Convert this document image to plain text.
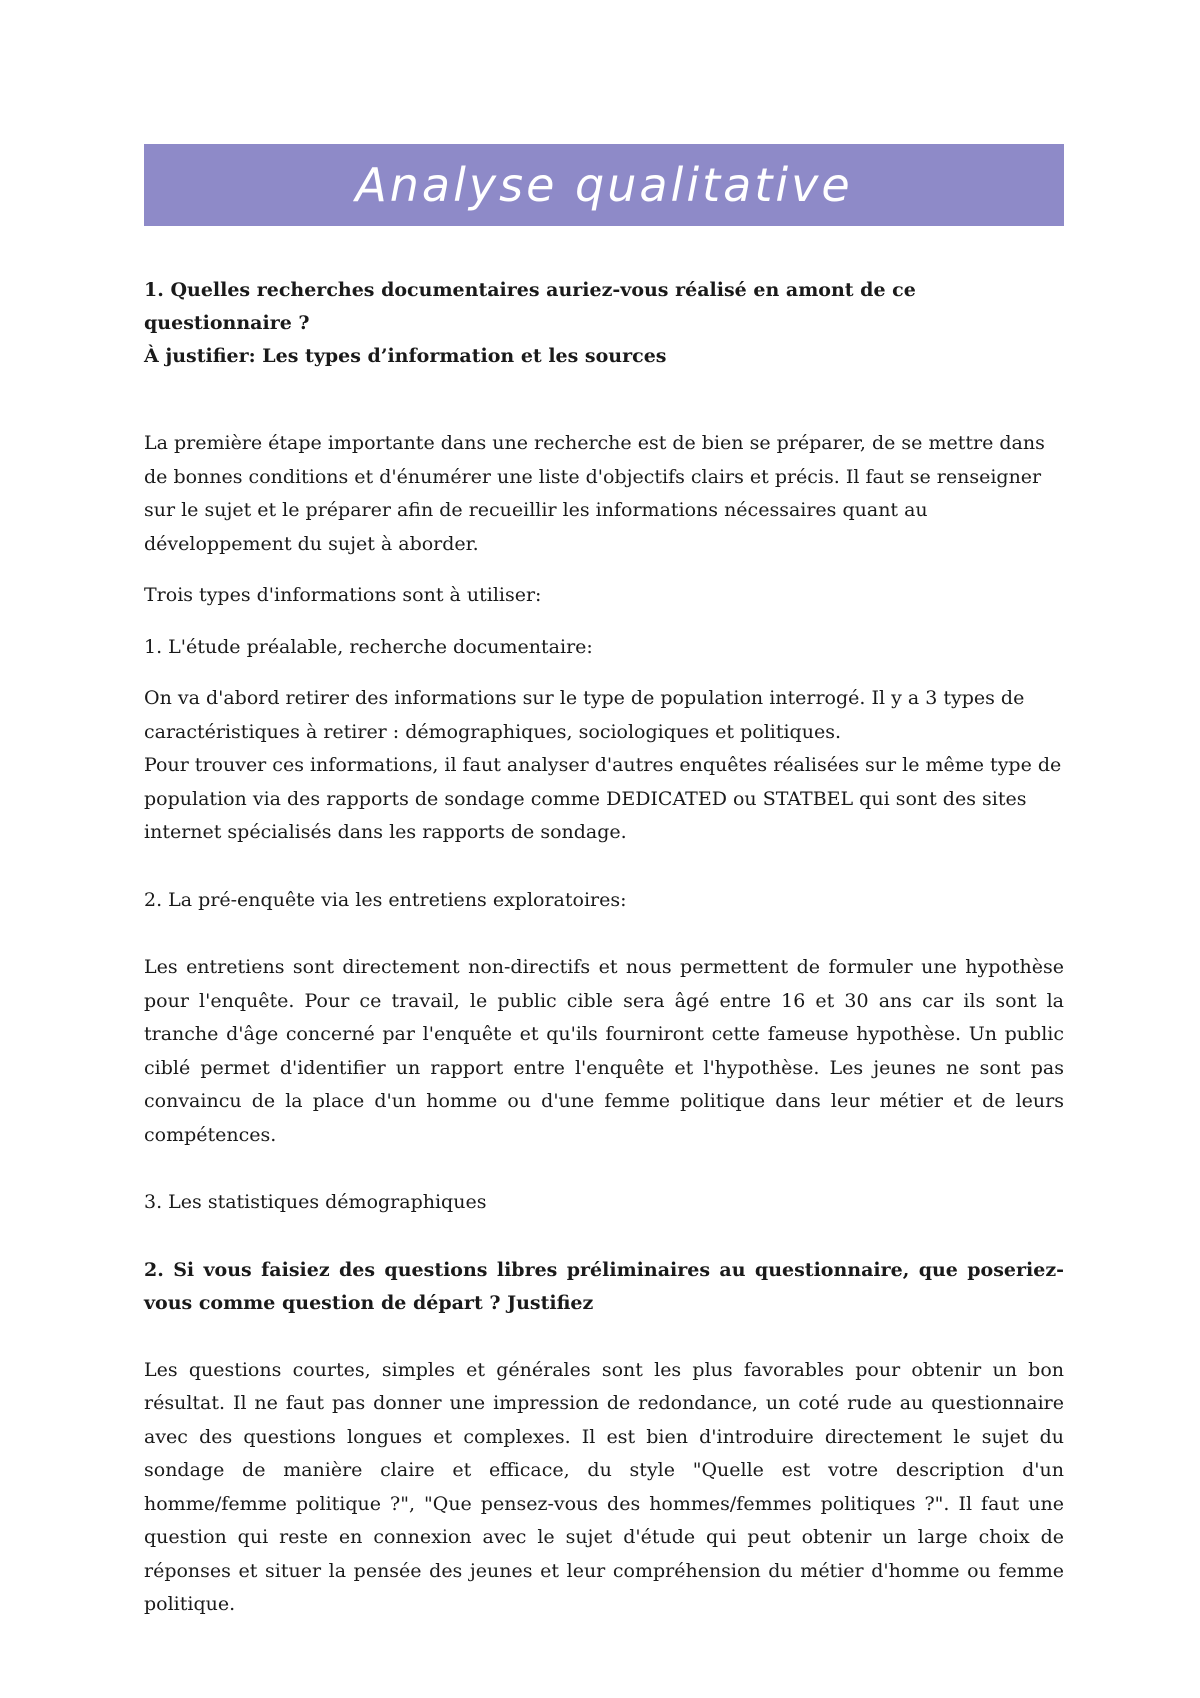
Analyse qualitative

1. Quelles recherches documentaires auriez-vous réalisé en amont de ce questionnaire ?

À justifier: Les types d’information et les sources

La première étape importante dans une recherche est de bien se préparer, de se mettre dans de bonnes conditions et d'énumérer une liste d'objectifs clairs et précis. Il faut se renseigner sur le sujet et le préparer afin de recueillir les informations nécessaires quant au développement du sujet à aborder.

Trois types d'informations sont à utiliser:

1. L'étude préalable, recherche documentaire:

On va d'abord retirer des informations sur le type de population interrogé. Il y a 3 types de caractéristiques à retirer : démographiques, sociologiques et politiques.

Pour trouver ces informations, il faut analyser d'autres enquêtes réalisées sur le même type de population via des rapports de sondage comme DEDICATED ou STATBEL qui sont des sites internet spécialisés dans les rapports de sondage.

2. La pré-enquête via les entretiens exploratoires:

Les entretiens sont directement non-directifs et nous permettent de formuler une hypothèse pour l'enquête. Pour ce travail, le public cible sera âgé entre 16 et 30 ans car ils sont la tranche d'âge concerné par l'enquête et qu'ils fourniront cette fameuse hypothèse. Un public ciblé permet d'identifier un rapport entre l'enquête et l'hypothèse. Les jeunes ne sont pas convaincu de la place d'un homme ou d'une femme politique dans leur métier et de leurs compétences.

3. Les statistiques démographiques

2. Si vous faisiez des questions libres préliminaires au questionnaire, que poseriez-vous comme question de départ ? Justifiez

Les questions courtes, simples et générales sont les plus favorables pour obtenir un bon résultat. Il ne faut pas donner une impression de redondance, un coté rude au questionnaire avec des questions longues et complexes. Il est bien d'introduire directement le sujet du sondage de manière claire et efficace, du style "Quelle est votre description d'un homme/femme politique ?", "Que pensez-vous des hommes/femmes politiques ?". Il faut une question qui reste en connexion avec le sujet d'étude qui peut obtenir un large choix de réponses et situer la pensée des jeunes et leur compréhension du métier d'homme ou femme politique.
